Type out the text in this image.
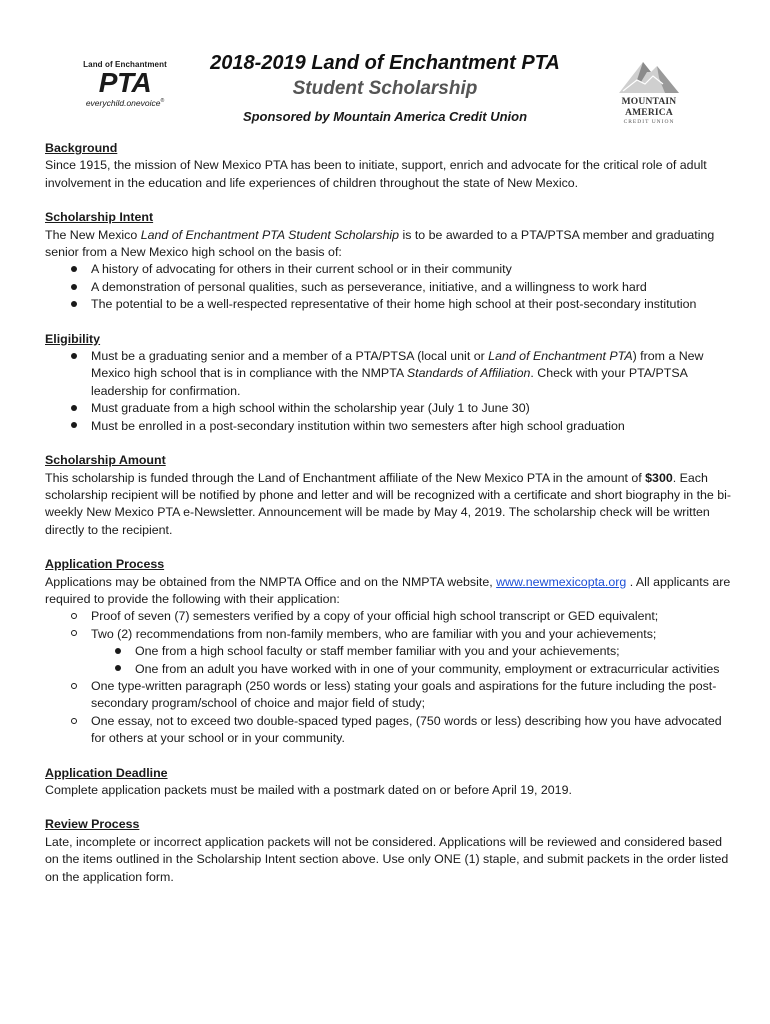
Land of Enchantment
PTA
everychild.onevoice®
2018-2019 Land of Enchantment PTA
Student Scholarship
Sponsored by Mountain America Credit Union
MOUNTAIN AMERICA
CREDIT UNION
Background

Since 1915, the mission of New Mexico PTA has been to initiate, support, enrich and advocate for the critical role of adult involvement in the education and life experiences of children throughout the state of New Mexico.

Scholarship Intent

The New Mexico Land of Enchantment PTA Student Scholarship is to be awarded to a PTA/PTSA member and graduating senior from a New Mexico high school on the basis of:

A history of advocating for others in their current school or in their community
A demonstration of personal qualities, such as perseverance, initiative, and a willingness to work hard
The potential to be a well-respected representative of their home high school at their post-secondary institution
Eligibility
Must be a graduating senior and a member of a PTA/PTSA (local unit or Land of Enchantment PTA) from a New Mexico high school that is in compliance with the NMPTA Standards of Affiliation. Check with your PTA/PTSA leadership for confirmation.
Must graduate from a high school within the scholarship year (July 1 to June 30)
Must be enrolled in a post-secondary institution within two semesters after high school graduation
Scholarship Amount

This scholarship is funded through the Land of Enchantment affiliate of the New Mexico PTA in the amount of $300. Each scholarship recipient will be notified by phone and letter and will be recognized with a certificate and short biography in the bi-weekly New Mexico PTA e-Newsletter. Announcement will be made by May 4, 2019. The scholarship check will be written directly to the recipient.

Application Process

Applications may be obtained from the NMPTA Office and on the NMPTA website, www.newmexicopta.org . All applicants are required to provide the following with their application:

Proof of seven (7) semesters verified by a copy of your official high school transcript or GED equivalent;
Two (2) recommendations from non-family members, who are familiar with you and your achievements;
One from a high school faculty or staff member familiar with you and your achievements;
One from an adult you have worked with in one of your community, employment or extracurricular activities
One type-written paragraph (250 words or less) stating your goals and aspirations for the future including the post-secondary program/school of choice and major field of study;
One essay, not to exceed two double-spaced typed pages, (750 words or less) describing how you have advocated for others at your school or in your community.
Application Deadline

Complete application packets must be mailed with a postmark dated on or before April 19, 2019.

Review Process

Late, incomplete or incorrect application packets will not be considered. Applications will be reviewed and considered based on the items outlined in the Scholarship Intent section above. Use only ONE (1) staple, and submit packets in the order listed on the application form.
